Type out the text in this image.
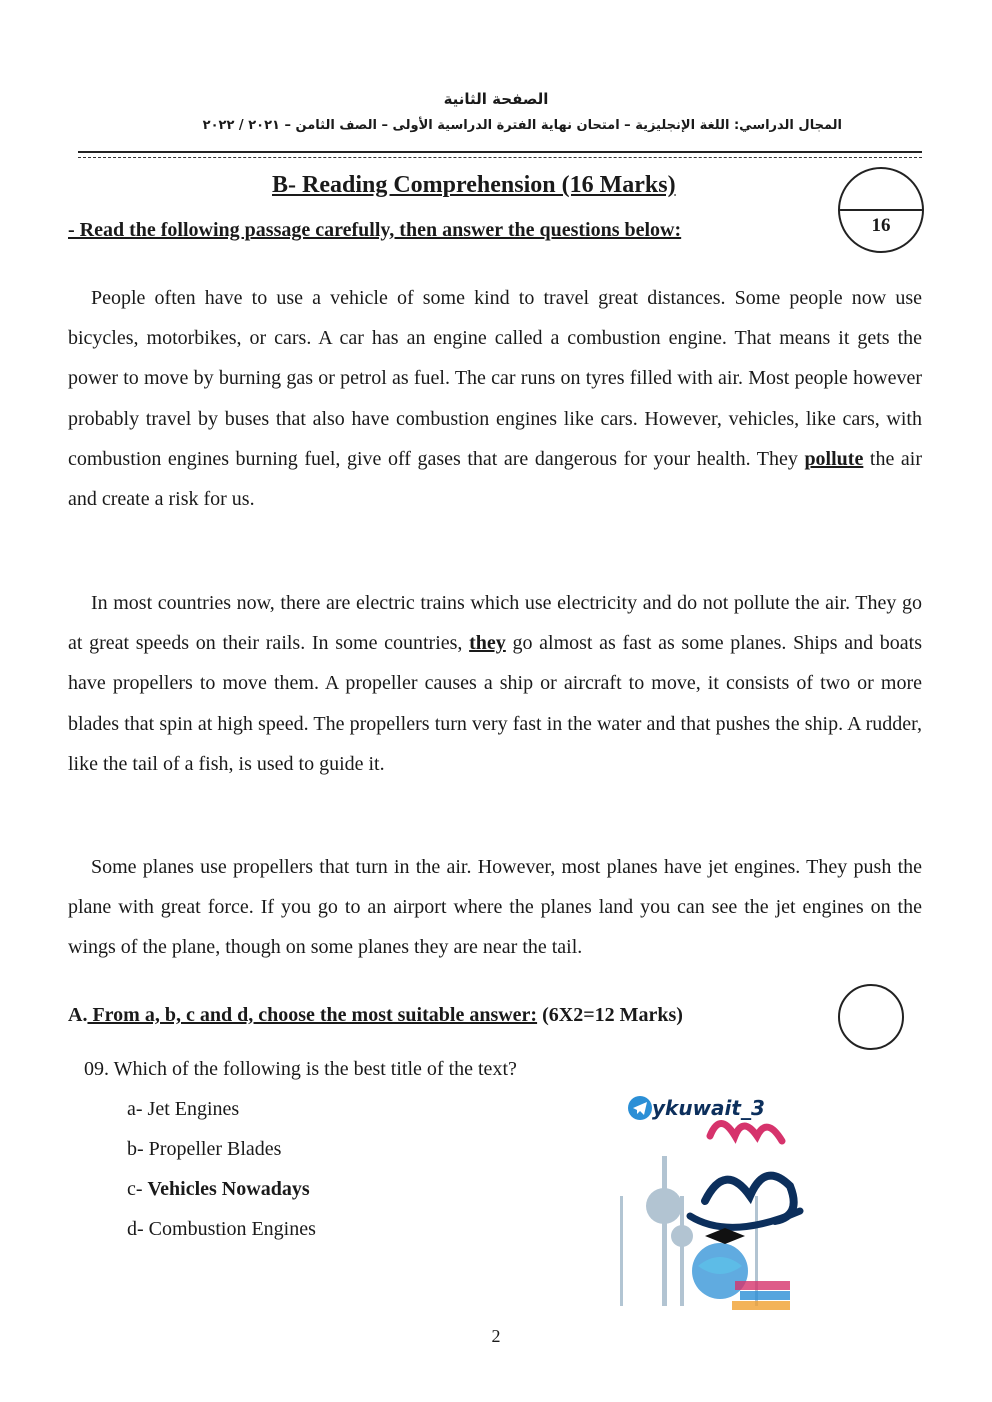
الصفحة الثانية
المجال الدراسي: اللغة الإنجليزية – امتحان نهاية الفترة الدراسية الأولى – الصف الثامن – ٢٠٢١ / ٢٠٢٢
B- Reading Comprehension (16 Marks)
- Read the following passage carefully, then answer the questions below:	16

People often have to use a vehicle of some kind to travel great distances. Some people now use bicycles, motorbikes, or cars. A car has an engine called a combustion engine. That means it gets the power to move by burning gas or petrol as fuel. The car runs on tyres filled with air. Most people however probably travel by buses that also have combustion engines like cars. However, vehicles, like cars, with combustion engines burning fuel, give off gases that are dangerous for your health. They pollute the air and create a risk for us.

In most countries now, there are electric trains which use electricity and do not pollute the air. They go at great speeds on their rails. In some countries, they go almost as fast as some planes. Ships and boats have propellers to move them. A propeller causes a ship or aircraft to move, it consists of two or more blades that spin at high speed. The propellers turn very fast in the water and that pushes the ship. A rudder, like the tail of a fish, is used to guide it.

Some planes use propellers that turn in the air. However, most planes have jet engines. They push the plane with great force. If you go to an airport where the planes land you can see the jet engines on the wings of the plane, though on some planes they are near the tail.

A. From a, b, c and d, choose the most suitable answer: (6X2=12 Marks)
09. Which of the following is the best title of the text?
a- Jet Engines
b- Propeller Blades
c- Vehicles Nowadays
d- Combustion Engines
شبكة يالكويت
ykuwait_3
2
